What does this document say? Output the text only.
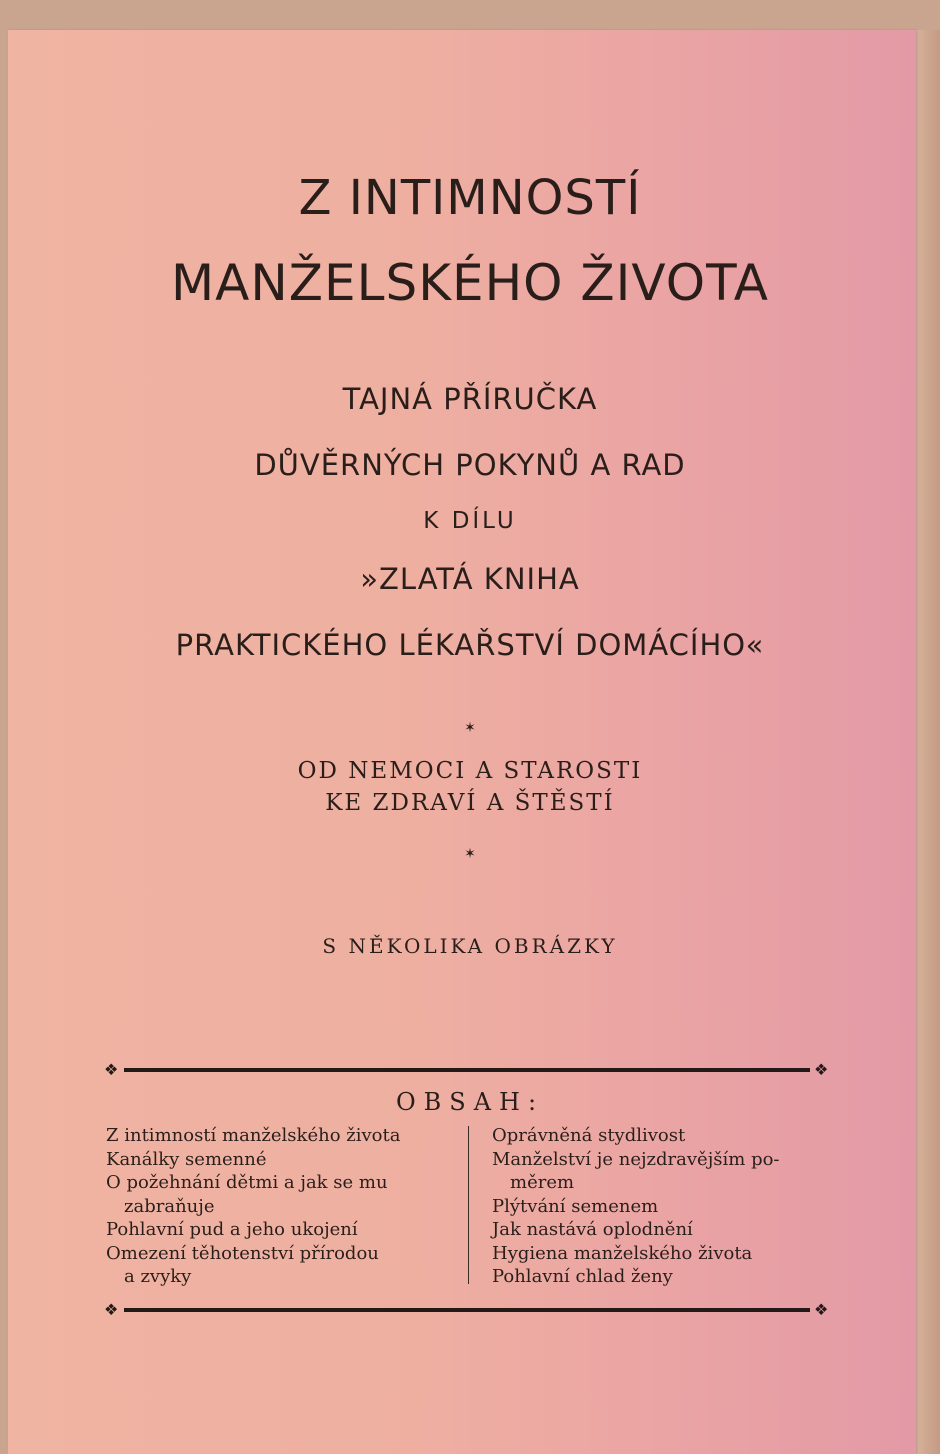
Z INTIMNOSTÍ
MANŽELSKÉHO ŽIVOTA
TAJNÁ PŘÍRUČKA
DŮVĚRNÝCH POKYNŮ A RAD
K DÍLU
»ZLATÁ KNIHA
PRAKTICKÉHO LÉKAŘSTVÍ DOMÁCÍHO«
✶
OD NEMOCI A STAROSTI
KE ZDRAVÍ A ŠTĚSTÍ
✶
S NĚKOLIKA OBRÁZKY
❖	❖
OBSAH:
Z intimností manželského života
Kanálky semenné
O požehnání dětmi a jak se mu
zabraňuje
Pohlavní pud a jeho ukojení
Omezení těhotenství přírodou
a zvyky
Oprávněná stydlivost
Manželství je nejzdravějším po-
měrem
Plýtvání semenem
Jak nastává oplodnění
Hygiena manželského života
Pohlavní chlad ženy
❖	❖
